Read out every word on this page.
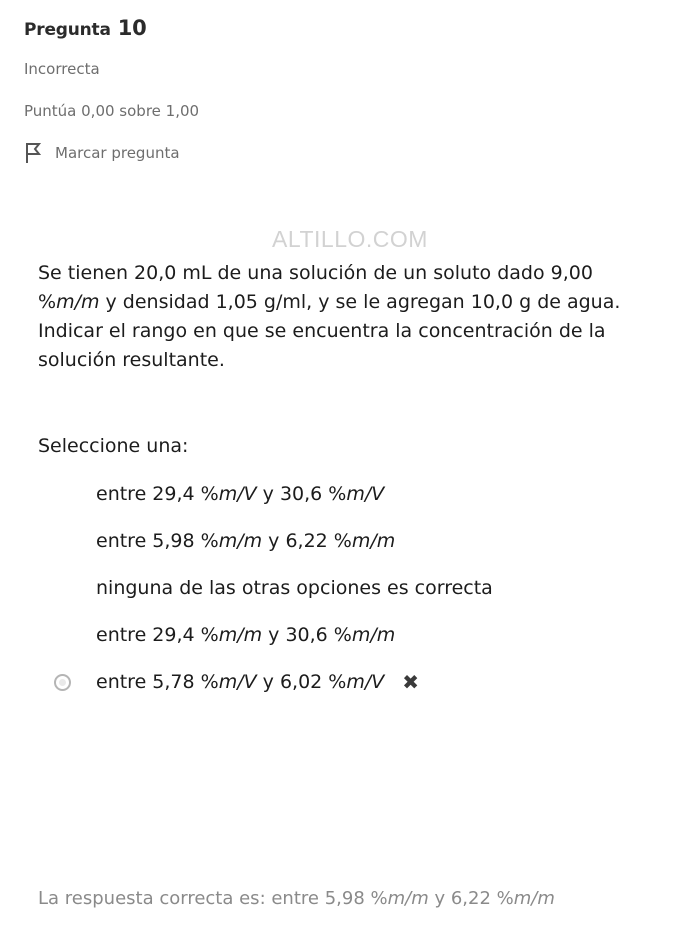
Pregunta 10
Incorrecta
Puntúa 0,00 sobre 1,00
Marcar pregunta
ALTILLO.COM
Se tienen 20,0 mL de una solución de un soluto dado 9,00 %m/m y densidad 1,05 g/ml, y se le agregan 10,0 g de agua. Indicar el rango en que se encuentra la concentración de la solución resultante.
Seleccione una:
entre 29,4 %m/V y 30,6 %m/V
entre 5,98 %m/m y 6,22 %m/m
ninguna de las otras opciones es correcta
entre 29,4 %m/m y 30,6 %m/m
entre 5,78 %m/V y 6,02 %m/V ✖
La respuesta correcta es: entre 5,98 %m/m y 6,22 %m/m
